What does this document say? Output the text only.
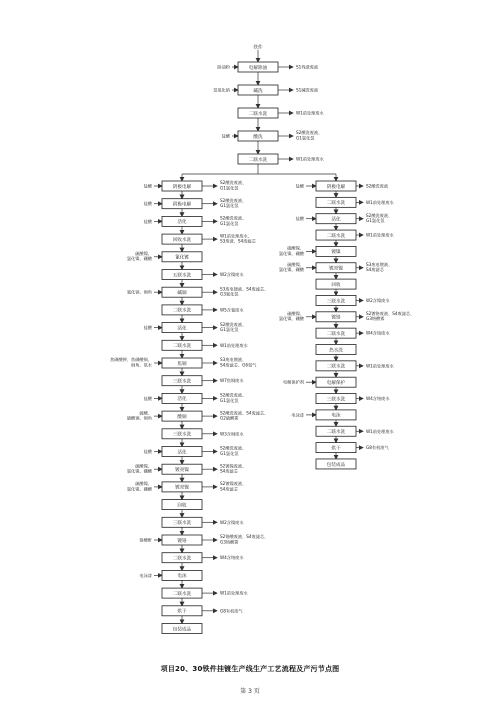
铁件
电解除油
除油粉	S1残渣废液
碱洗
氢氧化钠	S1碱洗废液
二联水洗	W1前处理废水
酸洗
盐酸
S2酸洗废液、 G1氯化氢
二联水洗	W1前处理废水
阴极电解
盐酸
S2酸洗废液、 G1氯化氢
阴极电解
盐酸
S2酸洗废液、 G1氯化氢
活化
盐酸
S2酸洗废液、 G1氯化氢
回收水洗
W1前处理废水、 S3废渣、S4废滤芯
氰化镀
硫酸镍、氯化镍、硼酸
五联水洗	W2含镍废水
碱铜
氰化钠、铜角
S3废电镀液、S4废滤芯、 G3氰化氢
二联水洗	W5含氰废水
活化
盐酸
S2酸洗废液、 G1氯化氢
二联水洗	W1前处理废水
焦铜
焦磷酸钾、焦磷酸铜、铜角、氨水
S3废电镀液、 S4废滤芯、G6氨气
三联水洗	W7焦铜废水
活化
盐酸
S2酸洗废液、 G1氯化氢
酸铜
硫酸、硫酸铜、铜角
S2酸洗废液、S4废滤芯、 G2硫酸雾
三联水洗	W3含铜废水
活化
盐酸
S2酸洗废液、 G1氯化氢
镀亮镍
硫酸镍、氯化镍、硼酸
S2镀镍废液、 S4废滤芯
镀亮镍
硫酸镍、氯化镍、硼酸
S2镀镍废液、 S4废滤芯
回收
三联水洗	W2含镍废水
镀铬
铬酸酐
S2铬酸废液、S4废滤芯、 G3铬酸雾
二联水洗	W4含铬废水
电泳
电泳漆
二联水洗	W1前处理废水
烘干	G8有机废气
包装成品
阴极电解
盐酸	S2酸洗废液
二联水洗	W1前处理废水
活化
盐酸
S2酸洗废液、 G1氯化氢
二联水洗	W1前处理废水
镀镍
硫酸镍、氯化镍、硼酸
镀亮镍
硫酸镍、氯化镍、硼酸
S3废电镀液、 S4废滤芯
回收
三联水洗	W2含镍废水
镀铬
硫酸镍、氯化镍、硼酸
S2镀铬废液、S4废滤芯、 G3铬酸雾
二联水洗	W4含铬废水
热水洗
二联水洗	W1前处理废水
电解保护
电解保护剂
三联水洗	W4含铬废水
电泳
电泳漆
二联水洗	W1前处理废水
烘干	G8有机废气
包装成品
项目20、30铁件挂镀生产线生产工艺流程及产污节点图
第 3 页
